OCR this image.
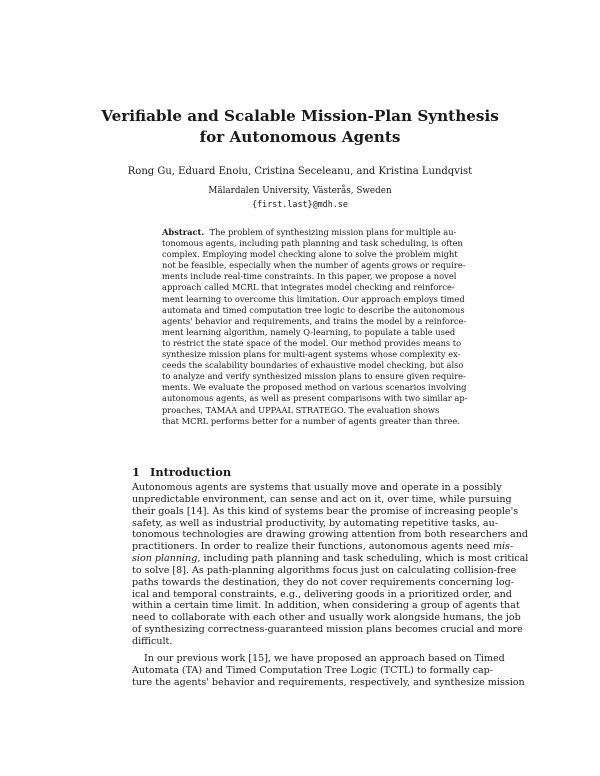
Verifiable and Scalable Mission-Plan Synthesis
for Autonomous Agents
Rong Gu, Eduard Enoiu, Cristina Seceleanu, and Kristina Lundqvist
Mälardalen University, Västerås, Sweden
{first.last}@mdh.se
Abstract. The problem of synthesizing mission plans for multiple au-
tonomous agents, including path planning and task scheduling, is often
complex. Employing model checking alone to solve the problem might
not be feasible, especially when the number of agents grows or require-
ments include real-time constraints. In this paper, we propose a novel
approach called MCRL that integrates model checking and reinforce-
ment learning to overcome this limitation. Our approach employs timed
automata and timed computation tree logic to describe the autonomous
agents' behavior and requirements, and trains the model by a reinforce-
ment learning algorithm, namely Q-learning, to populate a table used
to restrict the state space of the model. Our method provides means to
synthesize mission plans for multi-agent systems whose complexity ex-
ceeds the scalability boundaries of exhaustive model checking, but also
to analyze and verify synthesized mission plans to ensure given require-
ments. We evaluate the proposed method on various scenarios involving
autonomous agents, as well as present comparisons with two similar ap-
proaches, TAMAA and UPPAAL STRATEGO. The evaluation shows
that MCRL performs better for a number of agents greater than three.
1 Introduction
Autonomous agents are systems that usually move and operate in a possibly
unpredictable environment, can sense and act on it, over time, while pursuing
their goals [14]. As this kind of systems bear the promise of increasing people's
safety, as well as industrial productivity, by automating repetitive tasks, au-
tonomous technologies are drawing growing attention from both researchers and
practitioners. In order to realize their functions, autonomous agents need mis-
sion planning, including path planning and task scheduling, which is most critical
to solve [8]. As path-planning algorithms focus just on calculating collision-free
paths towards the destination, they do not cover requirements concerning log-
ical and temporal constraints, e.g., delivering goods in a prioritized order, and
within a certain time limit. In addition, when considering a group of agents that
need to collaborate with each other and usually work alongside humans, the job
of synthesizing correctness-guaranteed mission plans becomes crucial and more
difficult.
In our previous work [15], we have proposed an approach based on Timed
Automata (TA) and Timed Computation Tree Logic (TCTL) to formally cap-
ture the agents' behavior and requirements, respectively, and synthesize mission
